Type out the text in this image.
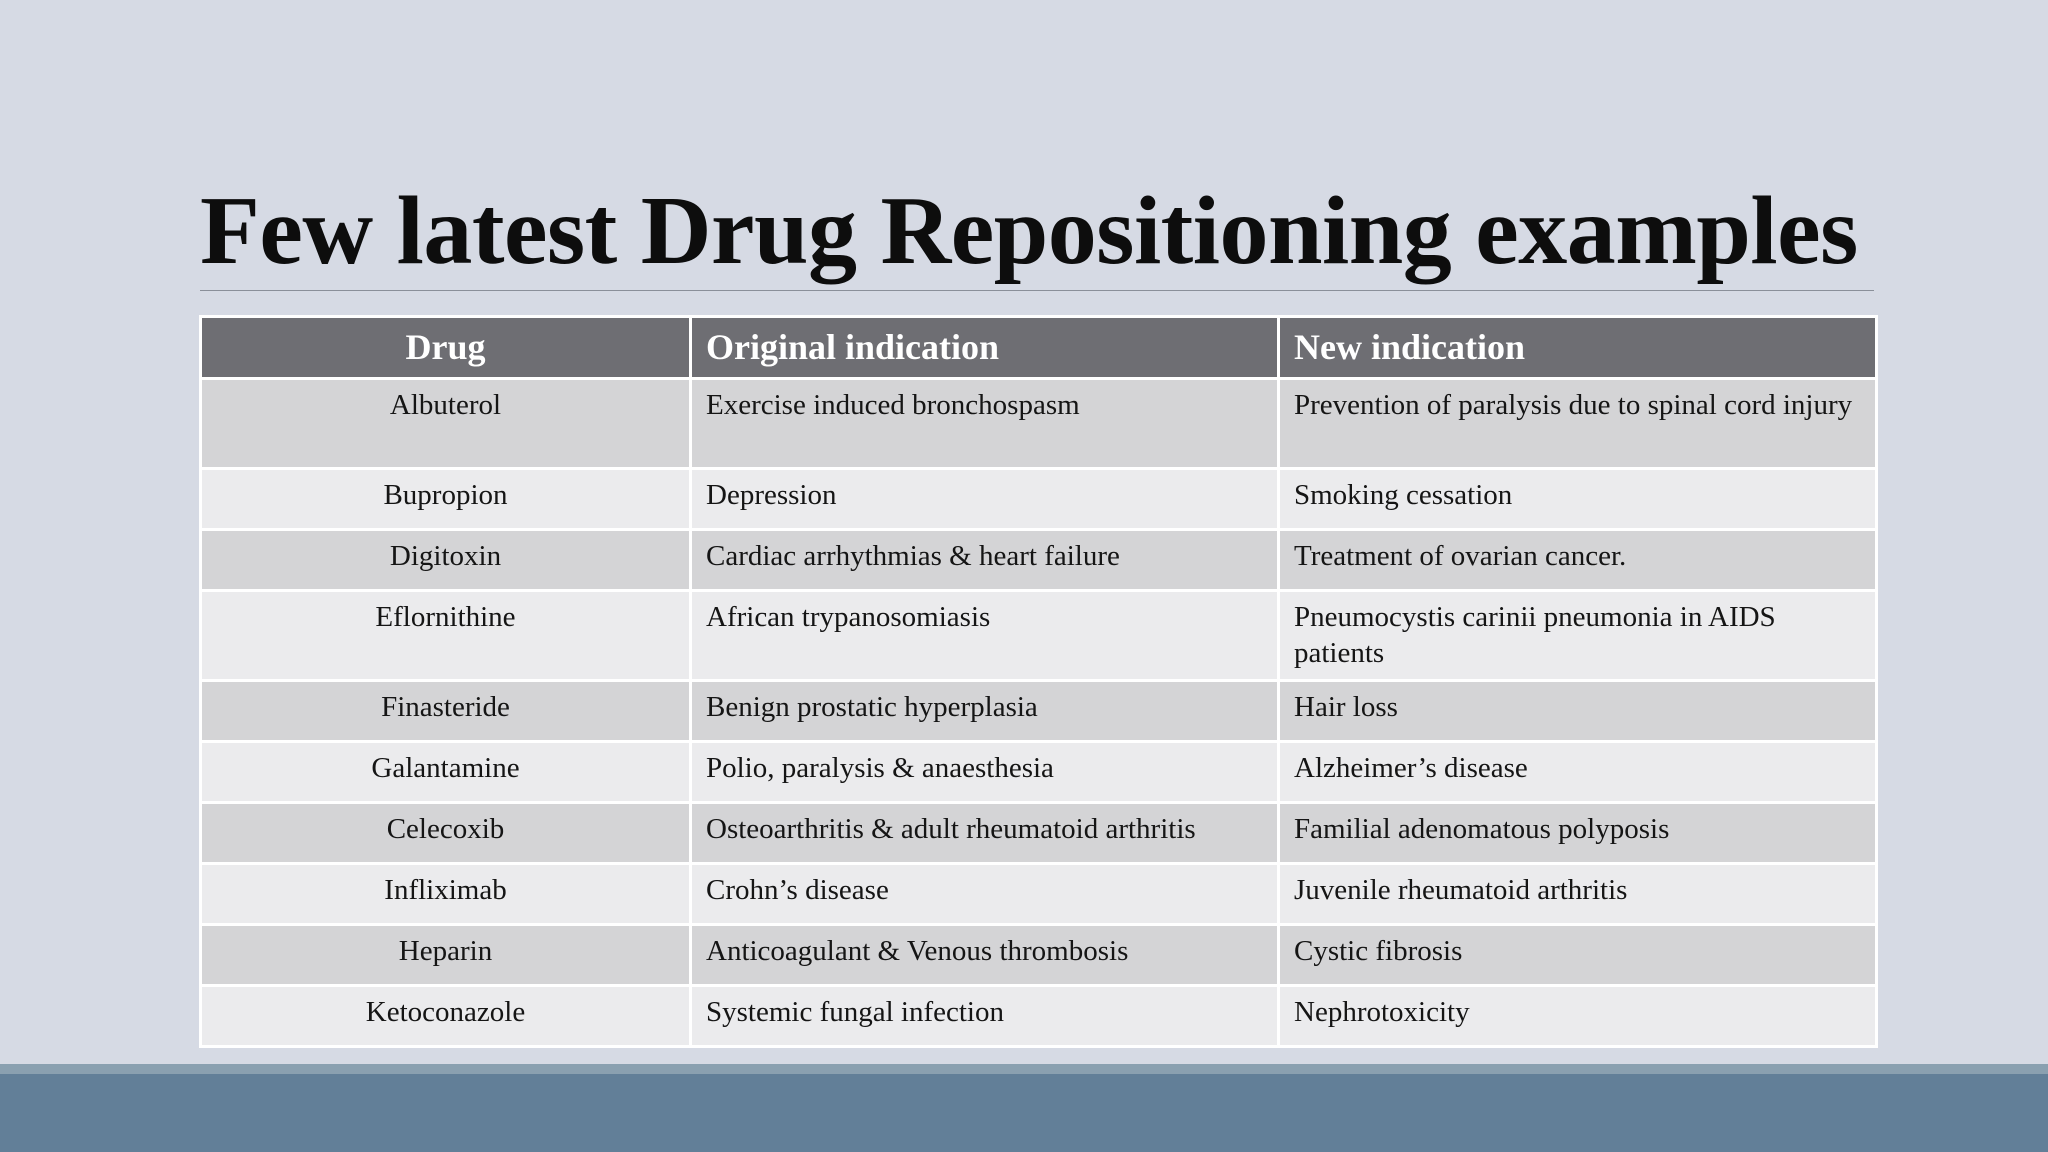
Few latest Drug Repositioning examples
Drug	Original indication	New indication
Albuterol	Exercise induced bronchospasm	Prevention of paralysis due to spinal cord injury
Bupropion	Depression	Smoking cessation
Digitoxin	Cardiac arrhythmias & heart failure	Treatment of ovarian cancer.
Eflornithine	African trypanosomiasis	Pneumocystis carinii pneumonia in AIDS patients
Finasteride	Benign prostatic hyperplasia	Hair loss
Galantamine	Polio, paralysis & anaesthesia	Alzheimer’s disease
Celecoxib	Osteoarthritis & adult rheumatoid arthritis	Familial adenomatous polyposis
Infliximab	Crohn’s disease	Juvenile rheumatoid arthritis
Heparin	Anticoagulant & Venous thrombosis	Cystic fibrosis
Ketoconazole	Systemic fungal infection	Nephrotoxicity
